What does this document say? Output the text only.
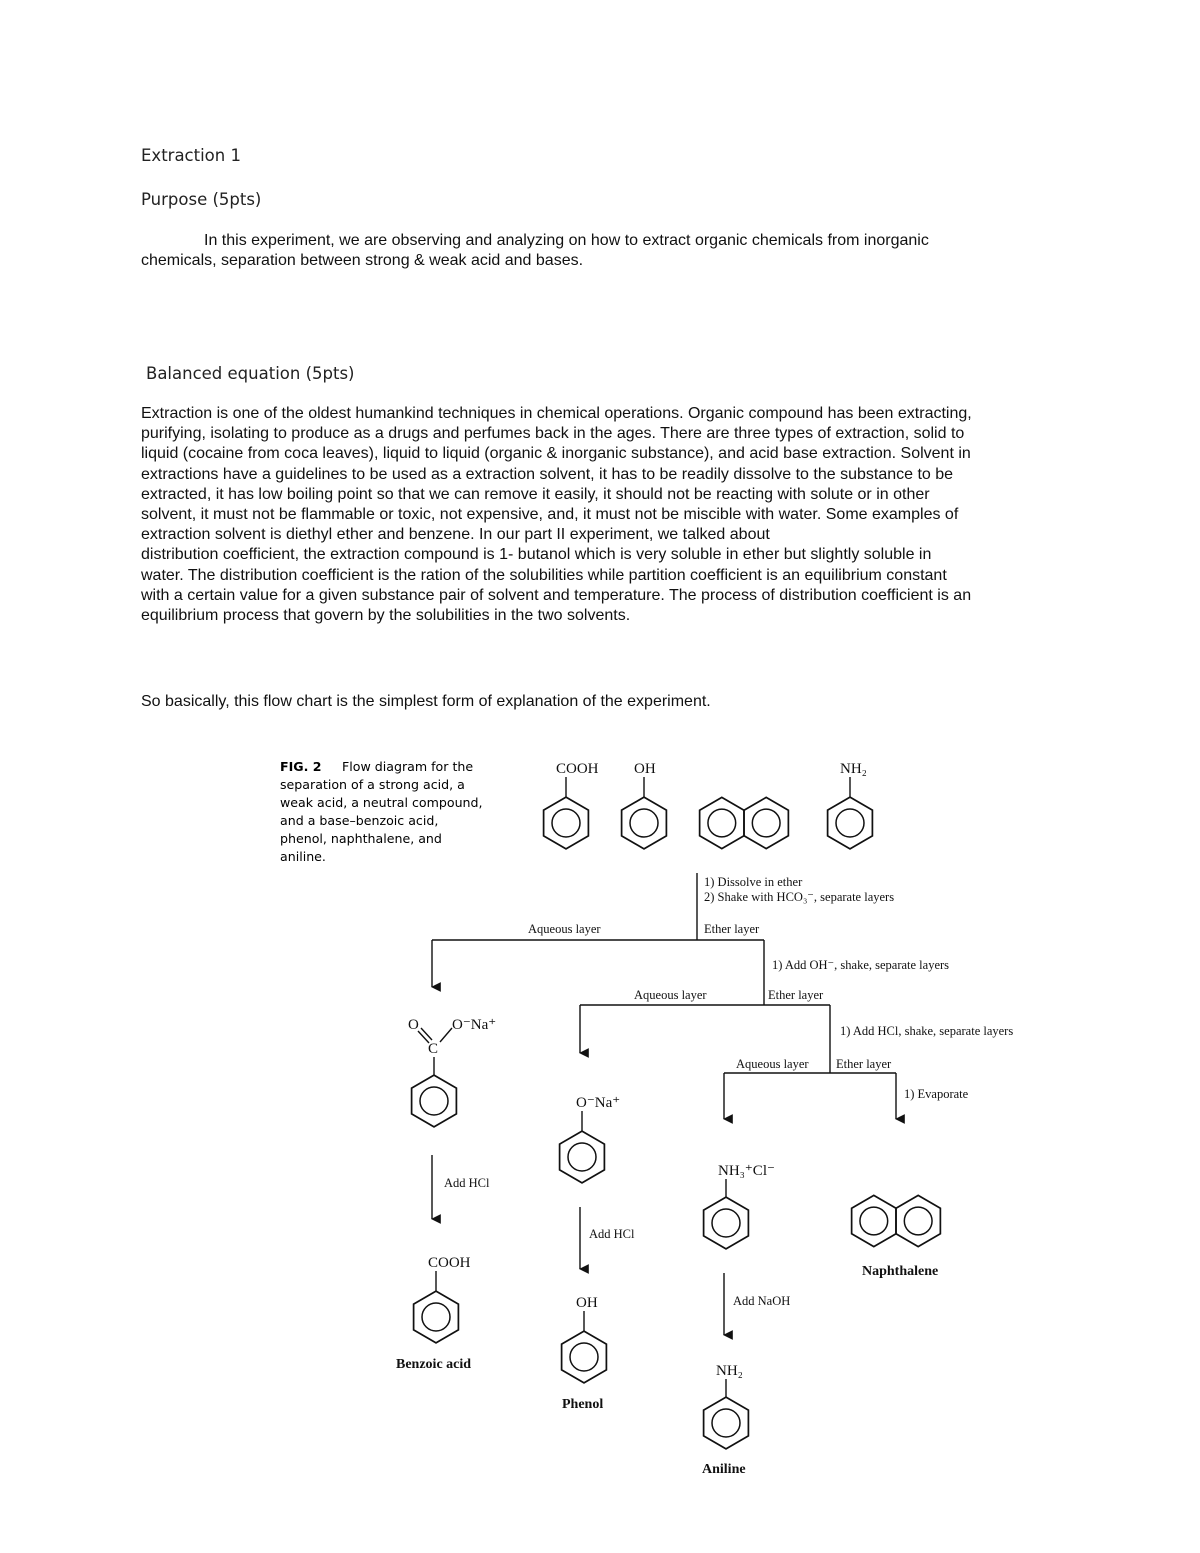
Extraction 1
Purpose (5pts)
In this experiment, we are observing and analyzing on how to extract organic chemicals from inorganic
chemicals, separation between strong & weak acid and bases.
Balanced equation (5pts)
Extraction is one of the oldest humankind techniques in chemical operations. Organic compound has been extracting,
purifying, isolating to produce as a drugs and perfumes back in the ages. There are three types of extraction, solid to
liquid (cocaine from coca leaves), liquid to liquid (organic & inorganic substance), and acid base extraction. Solvent in
extractions have a guidelines to be used as a extraction solvent, it has to be readily dissolve to the substance to be
extracted, it has low boiling point so that we can remove it easily, it should not be reacting with solute or in other
solvent, it must not be flammable or toxic, not expensive, and, it must not be miscible with water. Some examples of
extraction solvent is diethyl ether and benzene. In our part II experiment, we talked about
distribution coefficient, the extraction compound is 1- butanol which is very soluble in ether but slightly soluble in
water. The distribution coefficient is the ration of the solubilities while partition coefficient is an equilibrium constant
with a certain value for a given substance pair of solvent and temperature. The process of distribution coefficient is an
equilibrium process that govern by the solubilities in the two solvents.
So basically, this flow chart is the simplest form of explanation of the experiment.
FIG. 2 Flow diagram for the separation of a strong acid, a weak acid, a neutral compound, and a base–benzoic acid, phenol, naphthalene, and aniline.
COOH OH	NH₂
1) Dissolve in ether
2) Shake with HCO₃⁻, separate layers
Aqueous layer	Ether layer
1) Add OH⁻, shake, separate layers
Aqueous layer	Ether layer
1) Add HCl, shake, separate layers
Aqueous layer Ether layer
1) Evaporate
O O⁻Na⁺
C
Add HCl
COOH
Benzoic acid
O⁻Na⁺
Add HCl
OH
Phenol
NH₃⁺Cl⁻
Add NaOH
NH₂
Aniline
Naphthalene
